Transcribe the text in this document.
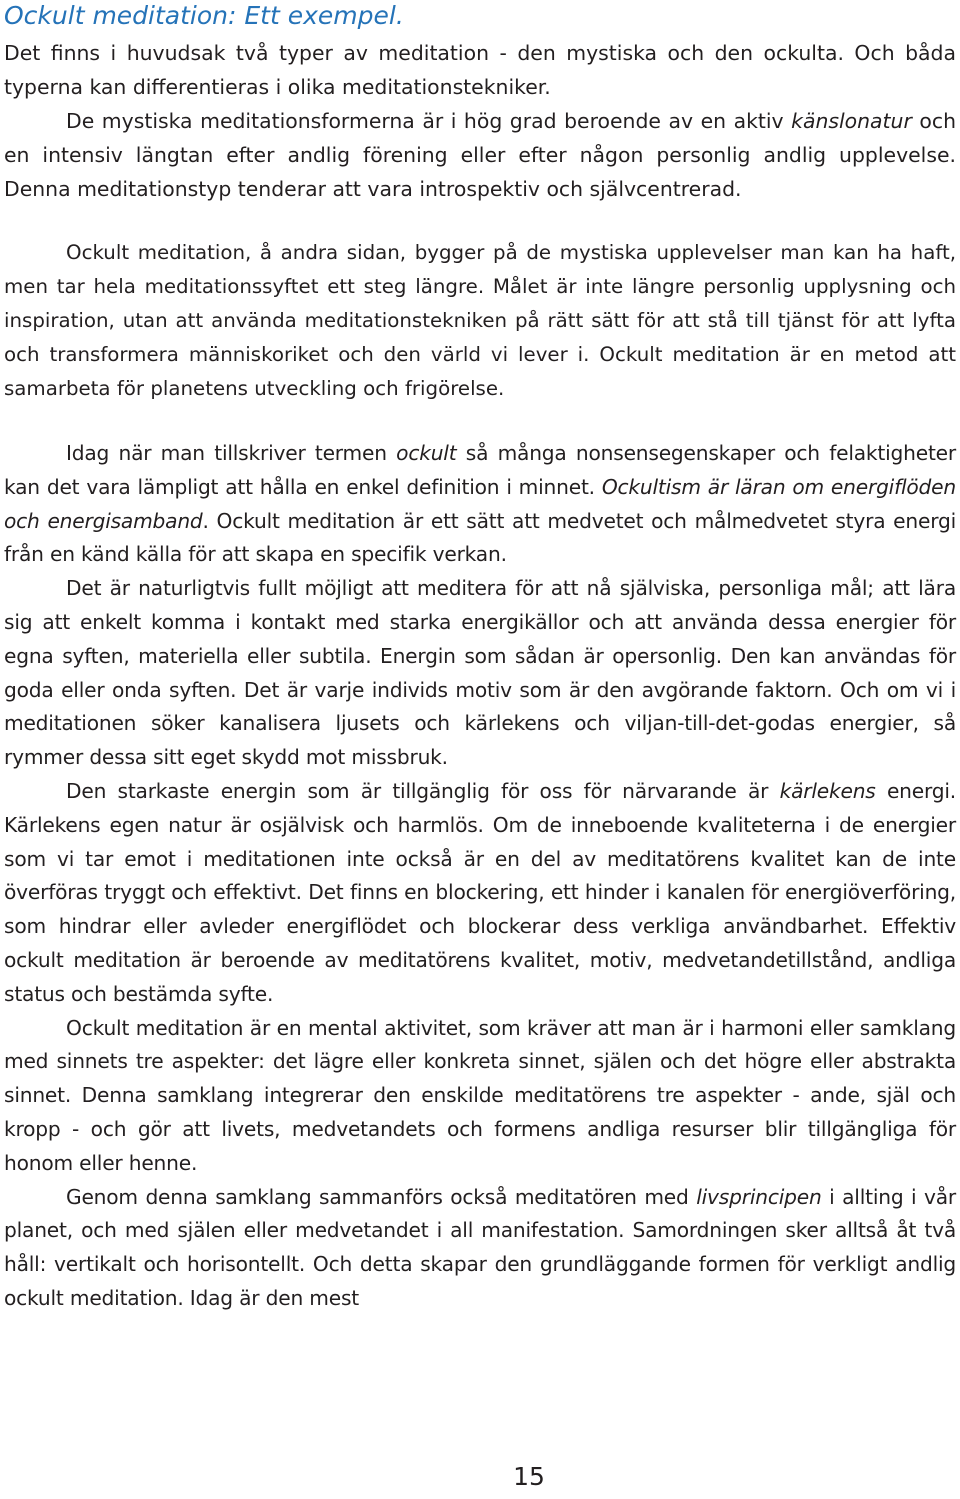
Ockult meditation: Ett exempel.

Det finns i huvudsak två typer av meditation - den mystiska och den ockulta. Och båda typerna kan differentieras i olika meditationstekniker.

De mystiska meditationsformerna är i hög grad beroende av en aktiv känslonatur och en intensiv längtan efter andlig förening eller efter någon personlig andlig upplevelse. Denna meditationstyp tenderar att vara introspektiv och självcentrerad.

Ockult meditation, å andra sidan, bygger på de mystiska upplevelser man kan ha haft, men tar hela meditationssyftet ett steg längre. Målet är inte längre personlig upplysning och inspiration, utan att använda meditationstekniken på rätt sätt för att stå till tjänst för att lyfta och transformera människoriket och den värld vi lever i. Ockult meditation är en metod att samarbeta för planetens utveckling och frigörelse.

Idag när man tillskriver termen ockult så många nonsensegenskaper och felaktigheter kan det vara lämpligt att hålla en enkel definition i minnet. Ockultism är läran om energiflöden och energisamband. Ockult meditation är ett sätt att medvetet och målmedvetet styra energi från en känd källa för att skapa en specifik verkan.

Det är naturligtvis fullt möjligt att meditera för att nå själviska, personliga mål; att lära sig att enkelt komma i kontakt med starka energikällor och att använda dessa energier för egna syften, materiella eller subtila. Energin som sådan är opersonlig. Den kan användas för goda eller onda syften. Det är varje individs motiv som är den avgörande faktorn. Och om vi i meditationen söker kanalisera ljusets och kärlekens och viljan-till-det-godas energier, så rymmer dessa sitt eget skydd mot missbruk.

Den starkaste energin som är tillgänglig för oss för närvarande är kärlekens energi. Kärlekens egen natur är osjälvisk och harmlös. Om de inneboende kvaliteterna i de energier som vi tar emot i meditationen inte också är en del av meditatörens kvalitet kan de inte överföras tryggt och effektivt. Det finns en blockering, ett hinder i kanalen för energiöverföring, som hindrar eller avleder energiflödet och blockerar dess verkliga användbarhet. Effektiv ockult meditation är beroende av meditatörens kvalitet, motiv, medvetandetillstånd, andliga status och bestämda syfte.

Ockult meditation är en mental aktivitet, som kräver att man är i harmoni eller samklang med sinnets tre aspekter: det lägre eller konkreta sinnet, själen och det högre eller abstrakta sinnet. Denna samklang integrerar den enskilde meditatörens tre aspekter - ande, själ och kropp - och gör att livets, medvetandets och formens andliga resurser blir tillgängliga för honom eller henne.

Genom denna samklang sammanförs också meditatören med livsprincipen i allting i vår planet, och med själen eller medvetandet i all manifestation. Samordningen sker alltså åt två håll: vertikalt och horisontellt. Och detta skapar den grundläggande formen för verkligt andlig ockult meditation. Idag är den mest

15
